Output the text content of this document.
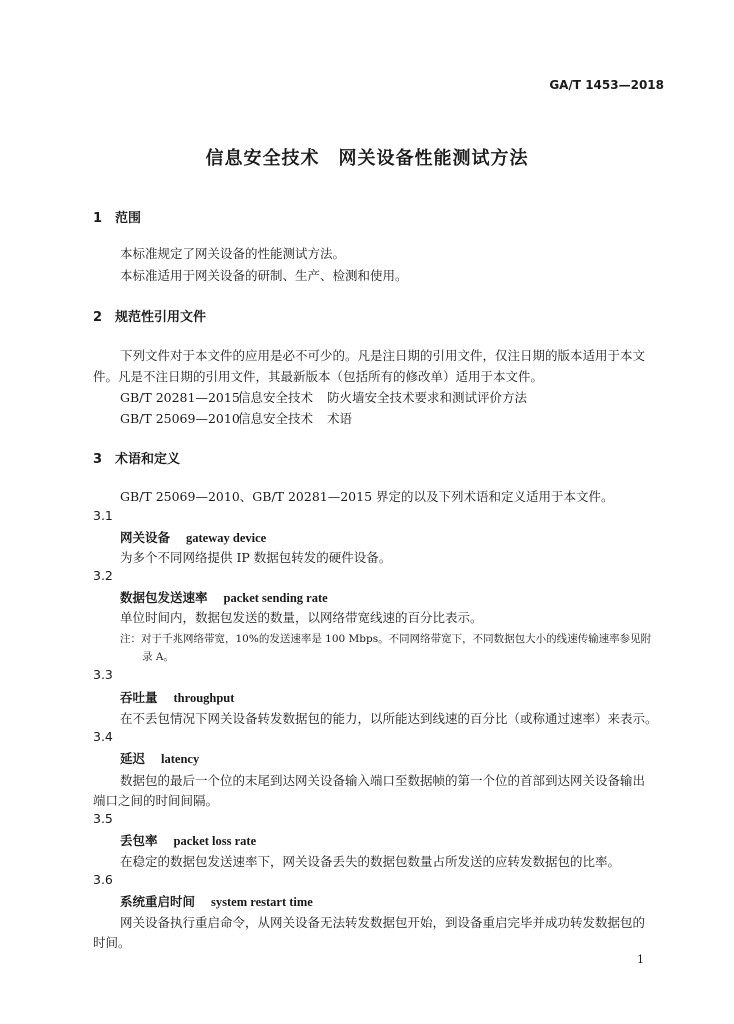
GA/T 1453—2018
信息安全技术　网关设备性能测试方法
1 范围
本标准规定了网关设备的性能测试方法。
本标准适用于网关设备的研制、生产、检测和使用。
2 规范性引用文件
下列文件对于本文件的应用是必不可少的。凡是注日期的引用文件，仅注日期的版本适用于本文
件。凡是不注日期的引用文件，其最新版本（包括所有的修改单）适用于本文件。
GB/T 20281—2015信息安全技术 防火墙安全技术要求和测试评价方法
GB/T 25069—2010信息安全技术 术语
3 术语和定义
GB/T 25069—2010、GB/T 20281—2015 界定的以及下列术语和定义适用于本文件。
3.1
网关设备 gateway device
为多个不同网络提供 IP 数据包转发的硬件设备。
3.2
数据包发送速率 packet sending rate
单位时间内，数据包发送的数量，以网络带宽线速的百分比表示。
注：对于千兆网络带宽，10%的发送速率是 100 Mbps。不同网络带宽下，不同数据包大小的线速传输速率参见附
录 A。
3.3
吞吐量 throughput
在不丢包情况下网关设备转发数据包的能力，以所能达到线速的百分比（或称通过速率）来表示。
3.4
延迟 latency
数据包的最后一个位的末尾到达网关设备输入端口至数据帧的第一个位的首部到达网关设备输出
端口之间的时间间隔。
3.5
丢包率 packet loss rate
在稳定的数据包发送速率下，网关设备丢失的数据包数量占所发送的应转发数据包的比率。
3.6
系统重启时间 system restart time
网关设备执行重启命令，从网关设备无法转发数据包开始，到设备重启完毕并成功转发数据包的
时间。
1
